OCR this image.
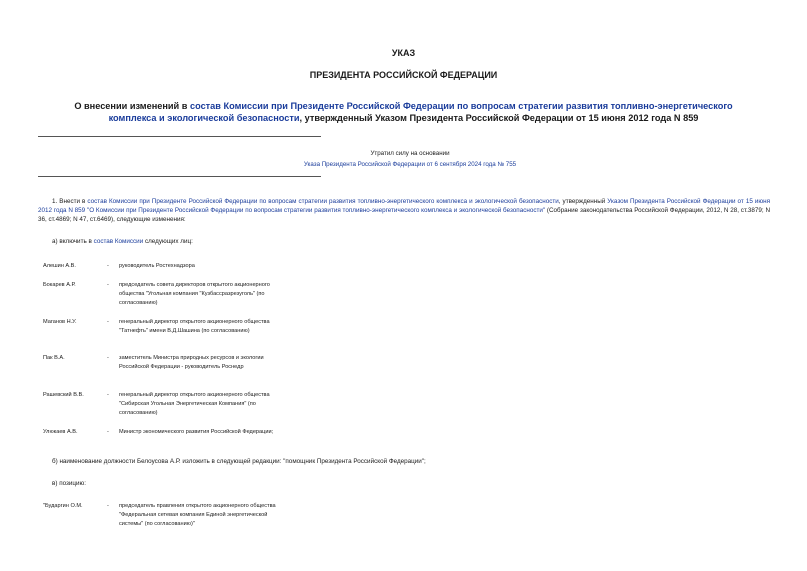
УКАЗ
ПРЕЗИДЕНТА РОССИЙСКОЙ ФЕДЕРАЦИИ
О внесении изменений в состав Комиссии при Президенте Российской Федерации по вопросам стратегии развития топливно-энергетического комплекса и экологической безопасности, утвержденный Указом Президента Российской Федерации от 15 июня 2012 года N 859
Утратил силу на основании
Указа Президента Российской Федерации от 6 сентября 2024 года № 755
1. Внести в состав Комиссии при Президенте Российской Федерации по вопросам стратегии развития топливно-энергетического комплекса и экологической безопасности, утвержденный Указом Президента Российской Федерации от 15 июня 2012 года N 859 "О Комиссии при Президенте Российской Федерации по вопросам стратегии развития топливно-энергетического комплекса и экологической безопасности" (Собрание законодательства Российской Федерации, 2012, N 28, ст.3879; N 36, ст.4869; N 47, ст.6469), следующие изменения:
а) включить в состав Комиссии следующих лиц:
Алешин А.В.	- руководитель Ростехнадзора
Бокарев А.Р.	- председатель совета директоров открытого акционерного общества "Угольная компания "Кузбассразрезуголь" (по согласованию)
Маганов Н.У.	- генеральный директор открытого акционерного общества "Татнефть" имени В.Д.Шашина (по согласованию)
Пак В.А.	- заместитель Министра природных ресурсов и экологии Российской Федерации - руководитель Роснедр
Рашевский В.В.	- генеральный директор открытого акционерного общества "Сибирская Угольная Энергетическая Компания" (по согласованию)
Улюкаев А.В.	- Министр экономического развития Российской Федерации;
б) наименование должности Белоусова А.Р. изложить в следующей редакции: "помощник Президента Российской Федерации";
в) позицию:
"Бударгин О.М.	- председатель правления открытого акционерного общества "Федеральная сетевая компания Единой энергетической системы" (по согласованию)"
